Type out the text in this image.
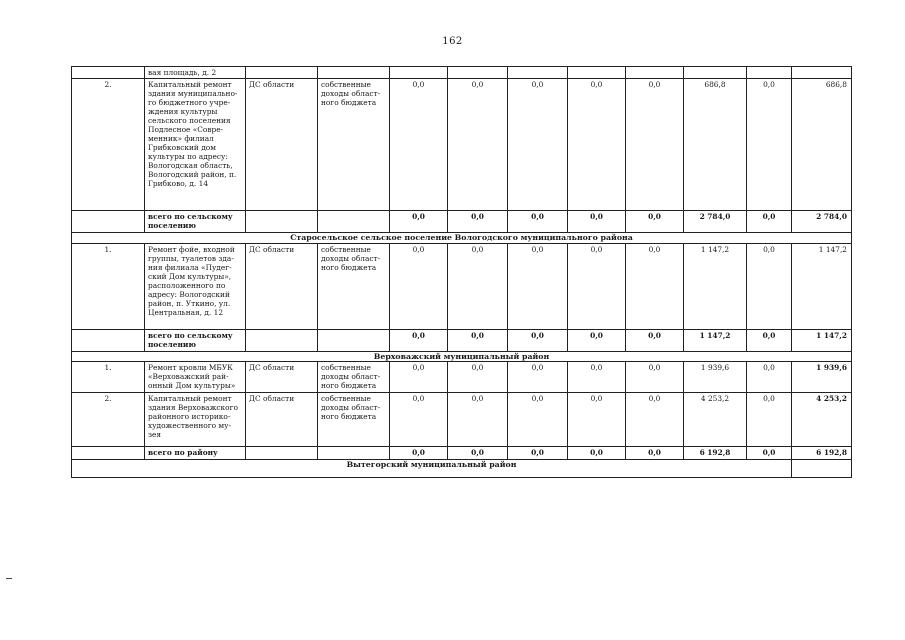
162
	вая площадь, д. 2										
2.	Капитальный ремонт здания муниципально-го бюджетного учре-ждения культуры сельского поселения Подлесное «Совре-менник» филиал Грибковский дом культуры по адресу: Вологодская область, Вологодский район, п. Грибково, д. 14	ДС области	собственные доходы област-ного бюджета	0,0	0,0	0,0	0,0	0,0	686,8	0,0	686,8
	всего по сельскому поселению			0,0	0,0	0,0	0,0	0,0	2 784,0	0,0	2 784,0
Старосельское сельское поселение Вологодского муниципального района											
1.	Ремонт фойе, входной группы, туалетов зда-ния филиала «Пудег-ский Дом культуры», расположенного по адресу: Вологодский район, п. Уткино, ул. Центральная, д. 12	ДС области	собственные доходы област-ного бюджета	0,0	0,0	0,0	0,0	0,0	1 147,2	0,0	1 147,2
	всего по сельскому поселению			0,0	0,0	0,0	0,0	0,0	1 147,2	0,0	1 147,2
Верховажский муниципальный район											
1.	Ремонт кровли МБУК «Верховажский рай-онный Дом культуры»	ДС области	собственные доходы област-ного бюджета	0,0	0,0	0,0	0,0	0,0	1 939,6	0,0	1 939,6
2.	Капитальный ремонт здания Верховажского районного историко-художественного му-зея	ДС области	собственные доходы област-ного бюджета	0,0	0,0	0,0	0,0	0,0	4 253,2	0,0	4 253,2
	всего по району			0,0	0,0	0,0	0,0	0,0	6 192,8	0,0	6 192,8
Вытегорский муниципальный район											
